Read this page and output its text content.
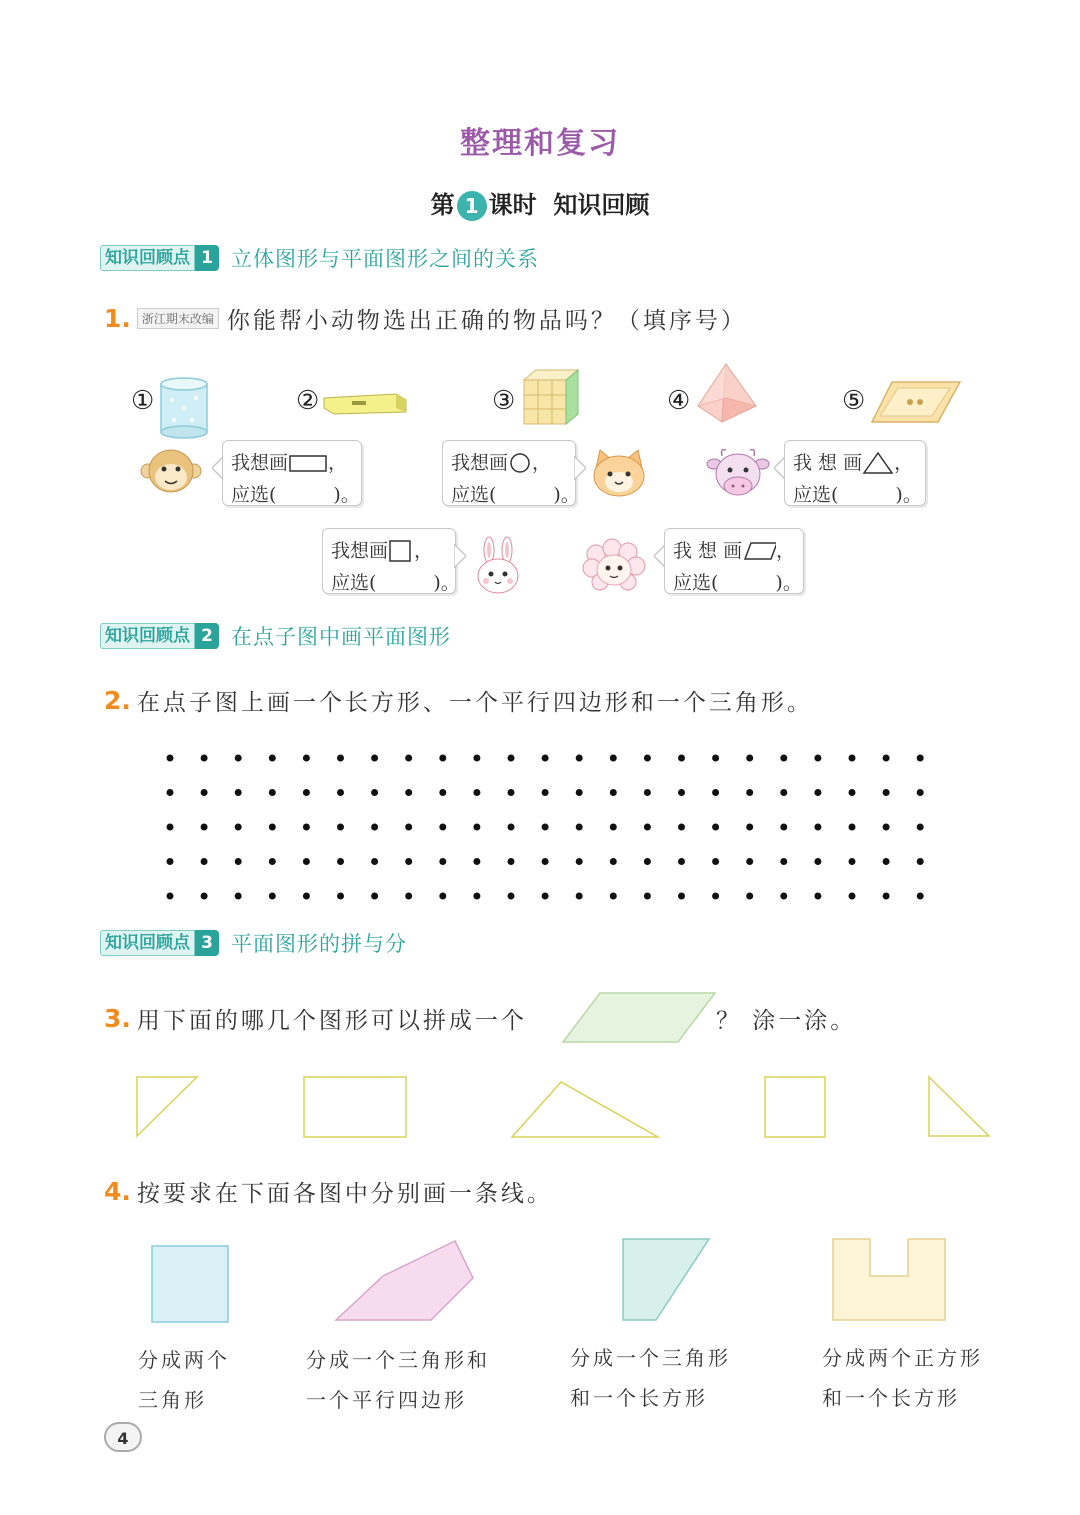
整理和复习
第 1 课时 知识回顾
知识回顾点 1 立体图形与平面图形之间的关系
1. 浙江期末改编 你能帮小动物选出正确的物品吗？（填序号）
①	②	③	④	⑤
我想画 ，
应选(　　　)。
我想画 ，
应选(　　　)。
我 想 画 ，
应选(　　　)。
我想画 ，
应选(　　　)。
我 想 画 ，
应选(　　　)。
知识回顾点 2 在点子图中画平面图形
2. 在点子图上画一个长方形、一个平行四边形和一个三角形。
知识回顾点 3 平面图形的拼与分
3. 用下面的哪几个图形可以拼成一个	？ 涂一涂。
4. 按要求在下面各图中分别画一条线。
分成两个
三角形
分成一个三角形和
一个平行四边形
分成一个三角形
和一个长方形
分成两个正方形
和一个长方形
4
